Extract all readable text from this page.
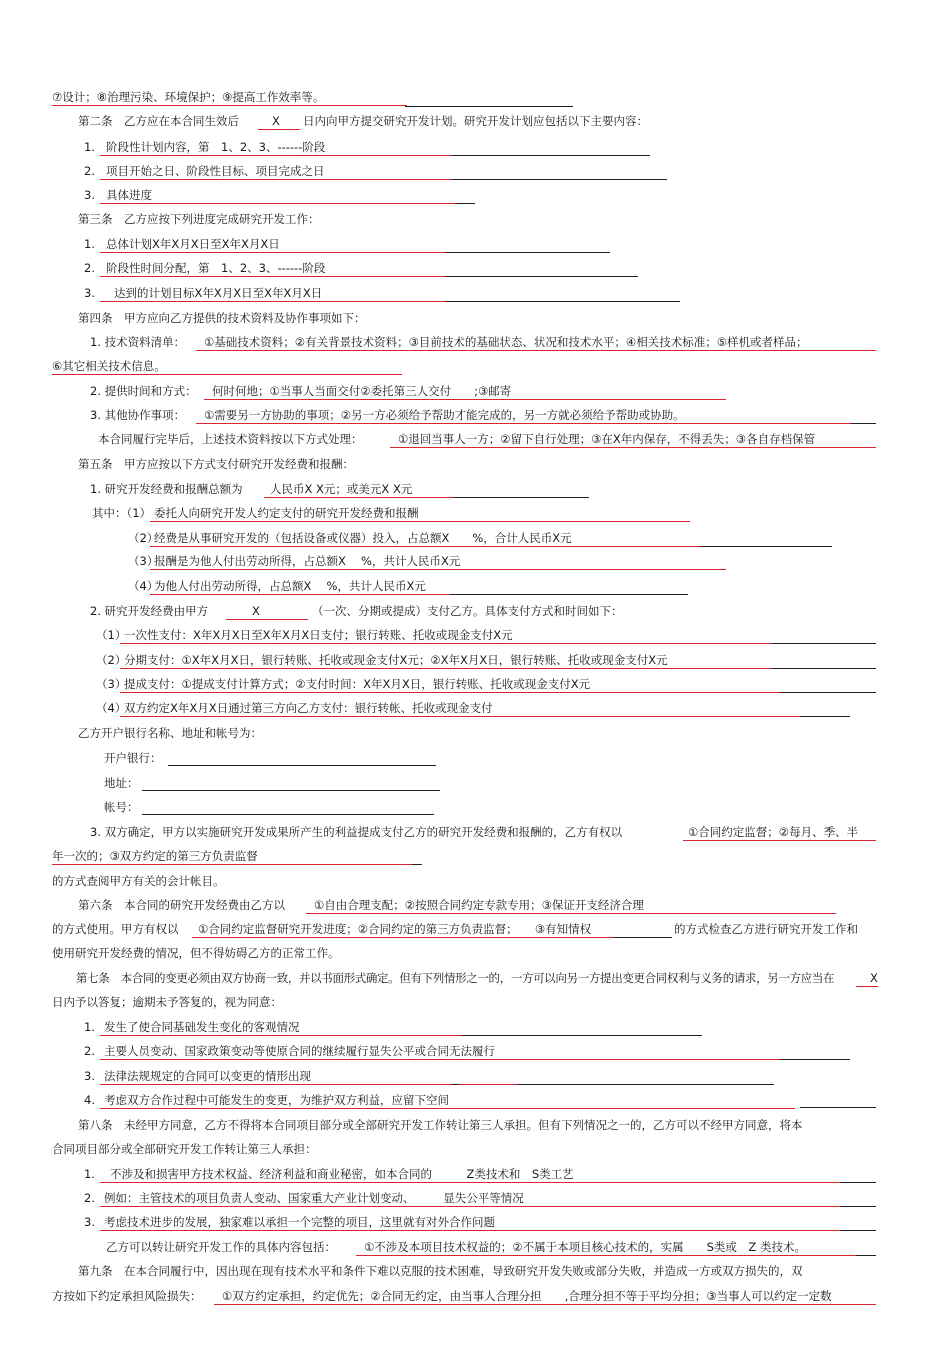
⑦设计；⑧治理污染、环境保护；⑨提高工作效率等。
第二条　乙方应在本合同生效后	X 日内向甲方提交研究开发计划。研究开发计划应包括以下主要内容：
1. 阶段性计划内容，第　1、2、3、------阶段
2. 项目开始之日、阶段性目标、项目完成之日
3. 具体进度
第三条　乙方应按下列进度完成研究开发工作：
1. 总体计划X年X月X日至X年X月X日
2. 阶段性时间分配，第　1、2、3、------阶段
3. 达到的计划目标X年X月X日至X年X月X日
第四条　甲方应向乙方提供的技术资料及协作事项如下：
1. 技术资料清单： ①基础技术资料；②有关背景技术资料；③目前技术的基础状态、状况和技术水平；④相关技术标准；⑤样机或者样品；
⑥其它相关技术信息。
2. 提供时间和方式： 何时何地；①当事人当面交付②委托第三人交付　　;③邮寄
3. 其他协作事项： ①需要另一方协助的事项；②另一方必须给予帮助才能完成的，另一方就必须给予帮助或协助。
本合同履行完毕后，上述技术资料按以下方式处理：	①退回当事人一方；②留下自行处理；③在X年内保存，不得丢失；③各自存档保管
第五条　甲方应按以下方式支付研究开发经费和报酬：
1. 研究开发经费和报酬总额为 人民币X X元；或美元X X元
其中：（1） 委托人向研究开发人约定支付的研究开发经费和报酬
（2）
经费是从事研究开发的（包括设备或仪器）投入，占总额X　　%，合计人民币X元
（3）
报酬是为他人付出劳动所得，占总额X　 %，共计人民币X元
（4）
为他人付出劳动所得，占总额X　 %，共计人民币X元
2. 研究开发经费由甲方	X	（一次、分期或提成）支付乙方。具体支付方式和时间如下：
（1）
一次性支付：X年X月X日至X年X月X日支付；银行转账、托收或现金支付X元
（2）
分期支付：①X年X月X日，银行转账、托收或现金支付X元；②X年X月X日，银行转账、托收或现金支付X元
（3）
提成支付：①提成支付计算方式；②支付时间：X年X月X日，银行转账、托收或现金支付X元
（4）
双方约定X年X月X日通过第三方向乙方支付：银行转帐、托收或现金支付
乙方开户银行名称、地址和帐号为：
开户银行：
地址：
帐号：
3. 双方确定，甲方以实施研究开发成果所产生的利益提成支付乙方的研究开发经费和报酬的，乙方有权以	①合同约定监督；②每月、季、半
年一次的；③双方约定的第三方负责监督
的方式查阅甲方有关的会计帐目。
第六条　本合同的研究开发经费由乙方以	①自由合理支配；②按照合同约定专款专用；③保证开支经济合理
的方式使用。甲方有权以 ①合同约定监督研究开发进度；②合同约定的第三方负责监督；　　③有知情权	的方式检查乙方进行研究开发工作和
使用研究开发经费的情况，但不得妨碍乙方的正常工作。
第七条　本合同的变更必须由双方协商一致，并以书面形式确定。但有下列情形之一的，一方可以向另一方提出变更合同权利与义务的请求，另一方应当在	X
日内予以答复；逾期未予答复的，视为同意：
1. 发生了使合同基础发生变化的客观情况
2. 主要人员变动、国家政策变动等使原合同的继续履行显失公平或合同无法履行
3. 法律法规规定的合同可以变更的情形出现
4. 考虑双方合作过程中可能发生的变更，为维护双方利益，应留下空间
第八条　未经甲方同意，乙方不得将本合同项目部分或全部研究开发工作转让第三人承担。但有下列情况之一的，乙方可以不经甲方同意，将本
合同项目部分或全部研究开发工作转让第三人承担：
1. 不涉及和损害甲方技术权益、经济利益和商业秘密，如本合同的　　　Z类技术和　S类工艺
2. 例如：主管技术的项目负责人变动、国家重大产业计划变动、　　　显失公平等情况
3. 考虑技术进步的发展，独家难以承担一个完整的项目，这里就有对外合作问题
乙方可以转让研究开发工作的具体内容包括： ①不涉及本项目技术权益的；②不属于本项目核心技术的，实属　　S类或　Z 类技术。
第九条　在本合同履行中，因出现在现有技术水平和条件下难以克服的技术困难，导致研究开发失败或部分失败，并造成一方或双方损失的，双
方按如下约定承担风险损失： ①双方约定承担，约定优先；②合同无约定，由当事人合理分担　　,合理分担不等于平均分担；③当事人可以约定一定数
